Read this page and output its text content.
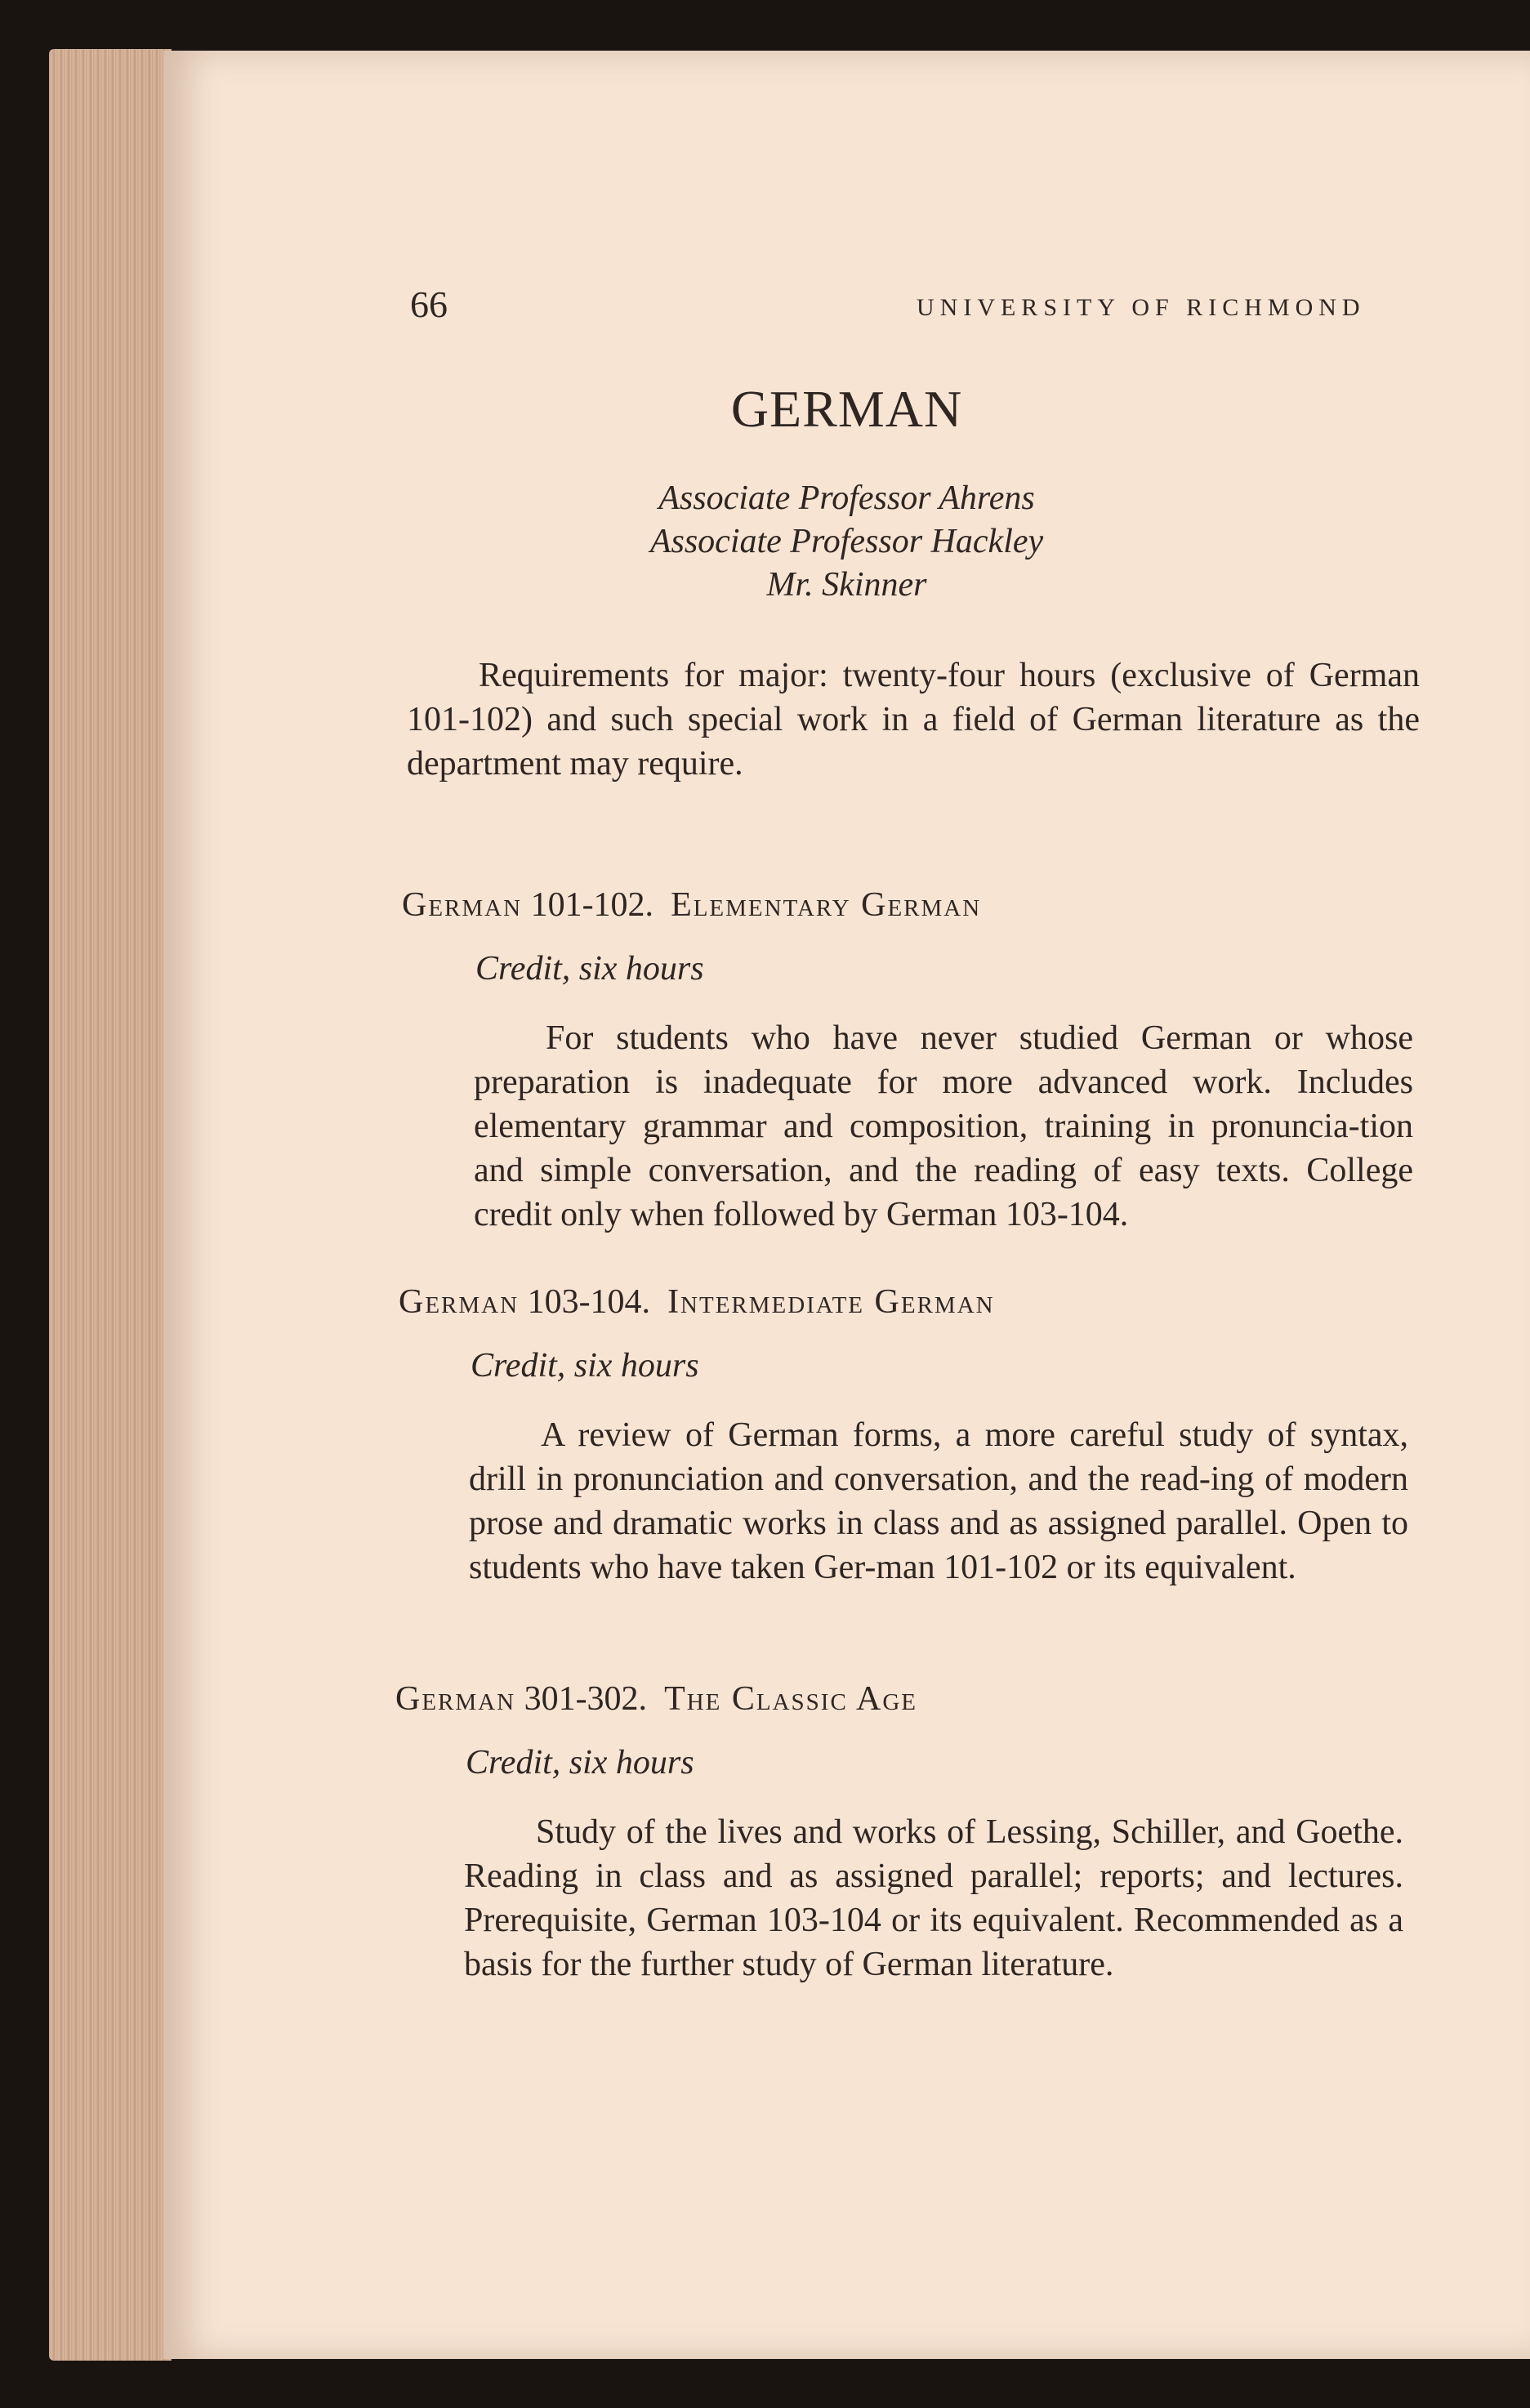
66	UNIVERSITY OF RICHMOND
GERMAN
Associate Professor Ahrens
Associate Professor Hackley
Mr. Skinner
Requirements for major: twenty-four hours (exclusive of German 101-102) and such special work in a field of German literature as the department may require.
German 101-102. Elementary German
Credit, six hours
For students who have never studied German or whose preparation is inadequate for more advanced work. Includes elementary grammar and composition, training in pronuncia-tion and simple conversation, and the reading of easy texts. College credit only when followed by German 103-104.
German 103-104. Intermediate German
Credit, six hours
A review of German forms, a more careful study of syntax, drill in pronunciation and conversation, and the read-ing of modern prose and dramatic works in class and as assigned parallel. Open to students who have taken Ger-man 101-102 or its equivalent.
German 301-302. The Classic Age
Credit, six hours
Study of the lives and works of Lessing, Schiller, and Goethe. Reading in class and as assigned parallel; reports; and lectures. Prerequisite, German 103-104 or its equivalent. Recommended as a basis for the further study of German literature.
